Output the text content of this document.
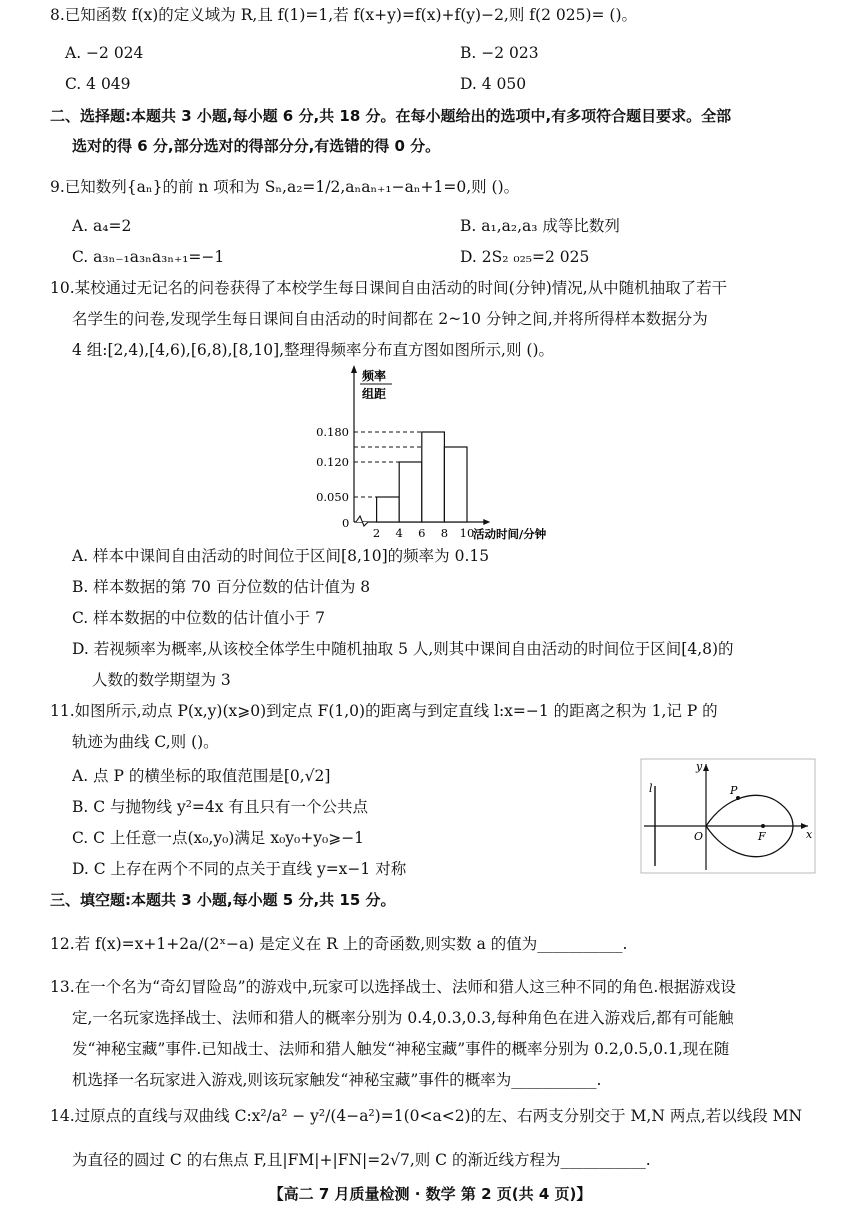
8.已知函数 f(x)的定义域为 R,且 f(1)=1,若 f(x+y)=f(x)+f(y)−2,则 f(2 025)= ()。
A. −2 024	B. −2 023
C. 4 049	D. 4 050
二、选择题:本题共 3 小题,每小题 6 分,共 18 分。在每小题给出的选项中,有多项符合题目要求。全部
选对的得 6 分,部分选对的得部分分,有选错的得 0 分。
9.已知数列{aₙ}的前 n 项和为 Sₙ,a₂=1/2,aₙaₙ₊₁−aₙ+1=0,则 ()。
A. a₄=2	B. a₁,a₂,a₃ 成等比数列
C. a₃ₙ₋₁a₃ₙa₃ₙ₊₁=−1	D. 2S₂ ₀₂₅=2 025
10.某校通过无记名的问卷获得了本校学生每日课间自由活动的时间(分钟)情况,从中随机抽取了若干
名学生的问卷,发现学生每日课间自由活动的时间都在 2~10 分钟之间,并将所得样本数据分为
4 组:[2,4),[4,6),[6,8),[8,10],整理得频率分布直方图如图所示,则 ()。
频率
组距
0.050
0.120
0.180
0
2 4 6 8 10
活动时间/分钟
A. 样本中课间自由活动的时间位于区间[8,10]的频率为 0.15
B. 样本数据的第 70 百分位数的估计值为 8
C. 样本数据的中位数的估计值小于 7
D. 若视频率为概率,从该校全体学生中随机抽取 5 人,则其中课间自由活动的时间位于区间[4,8)的
人数的数学期望为 3
11.如图所示,动点 P(x,y)(x⩾0)到定点 F(1,0)的距离与到定直线 l:x=−1 的距离之积为 1,记 P 的
轨迹为曲线 C,则 ()。
A. 点 P 的横坐标的取值范围是[0,√2]
B. C 与抛物线 y²=4x 有且只有一个公共点
C. C 上任意一点(x₀,y₀)满足 x₀y₀+y₀⩾−1
D. C 上存在两个不同的点关于直线 y=x−1 对称
y
x
O	F
P
l
三、填空题:本题共 3 小题,每小题 5 分,共 15 分。
12.若 f(x)=x+1+2a/(2ˣ−a) 是定义在 R 上的奇函数,则实数 a 的值为___________.
13.在一个名为“奇幻冒险岛”的游戏中,玩家可以选择战士、法师和猎人这三种不同的角色.根据游戏设
定,一名玩家选择战士、法师和猎人的概率分别为 0.4,0.3,0.3,每种角色在进入游戏后,都有可能触
发“神秘宝藏”事件.已知战士、法师和猎人触发“神秘宝藏”事件的概率分别为 0.2,0.5,0.1,现在随
机选择一名玩家进入游戏,则该玩家触发“神秘宝藏”事件的概率为___________.
14.过原点的直线与双曲线 C:x²/a² − y²/(4−a²)=1(0<a<2)的左、右两支分别交于 M,N 两点,若以线段 MN
为直径的圆过 C 的右焦点 F,且|FM|+|FN|=2√7,则 C 的渐近线方程为___________.
【高二 7 月质量检测 · 数学 第 2 页(共 4 页)】
